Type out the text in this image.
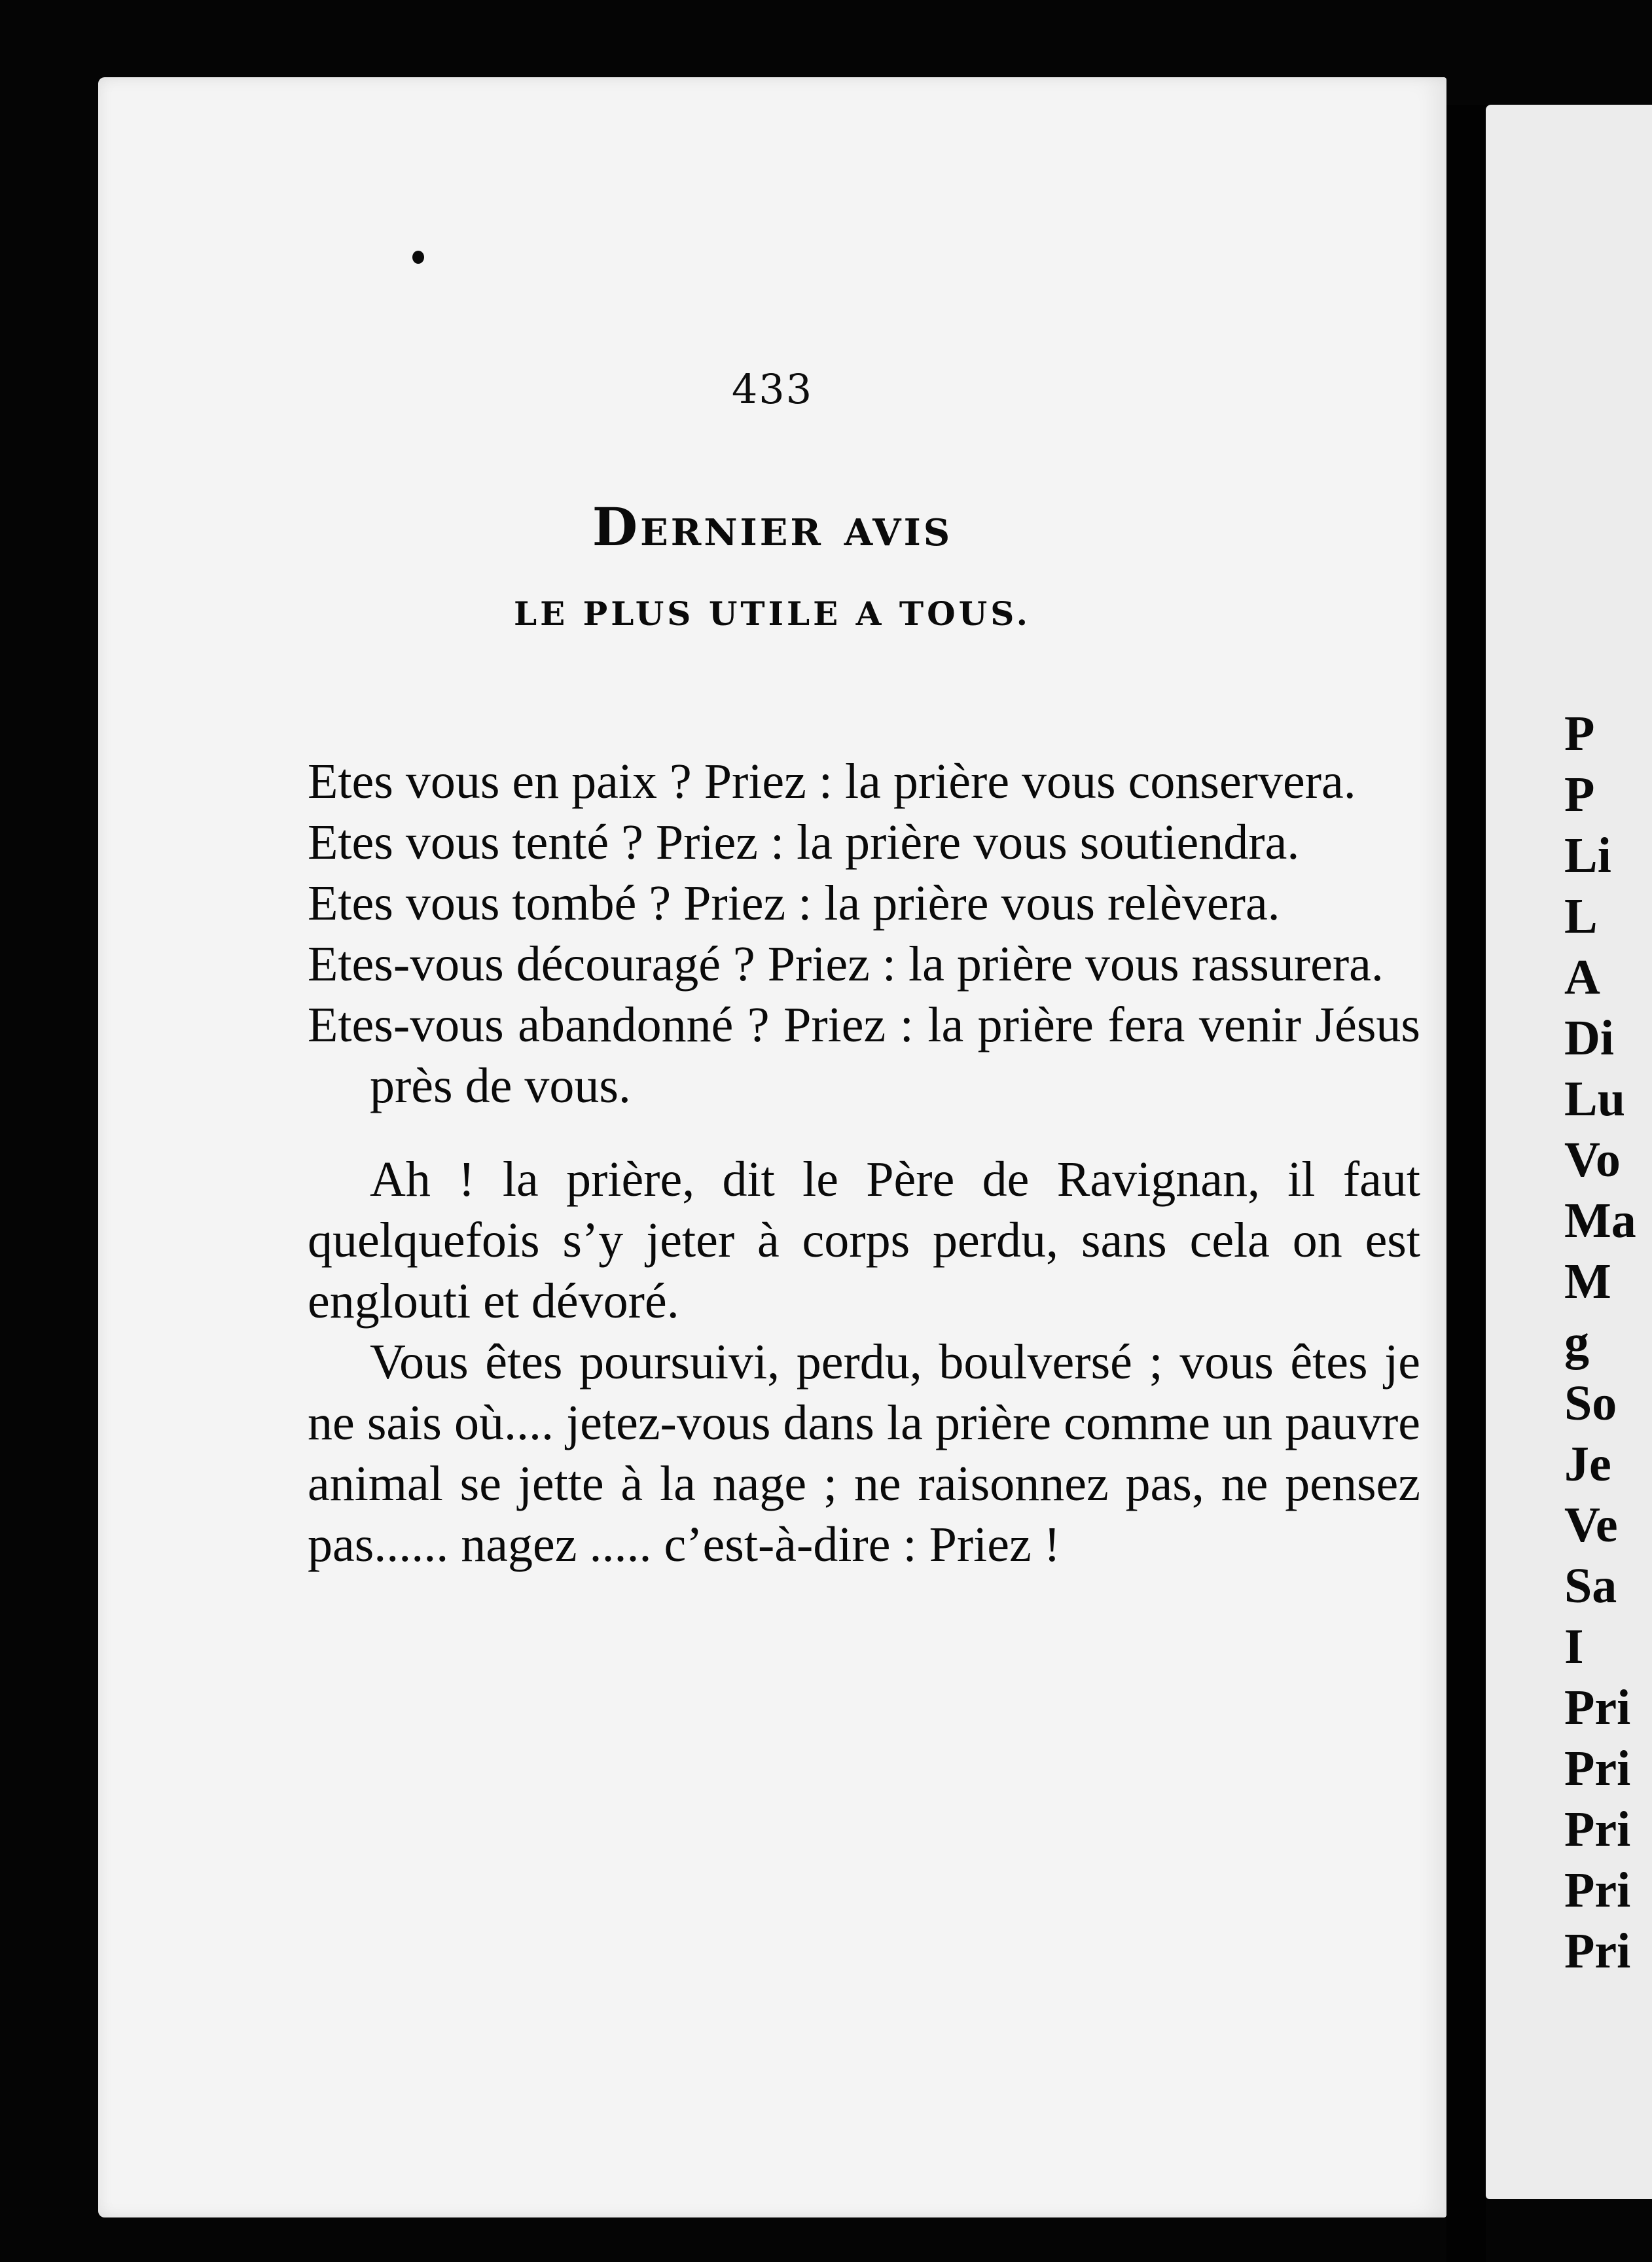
433
Dernier avis
LE PLUS UTILE A TOUS.

Etes vous en paix ? Priez : la prière vous conservera.

Etes vous tenté ? Priez : la prière vous soutiendra.

Etes vous tombé ? Priez : la prière vous relèvera.

Etes-vous découragé ? Priez : la prière vous rassurera.

Etes-vous abandonné ? Priez : la prière fera venir Jésus près de vous.

Ah ! la prière, dit le Père de Ravignan, il faut quelquefois s’y jeter à corps perdu, sans cela on est englouti et dévoré.

Vous êtes poursuivi, perdu, boulversé ; vous êtes je ne sais où.... jetez-vous dans la prière comme un pauvre animal se jette à la nage ; ne raisonnez pas, ne pensez pas...... nagez ..... c’est-à-dire : Priez !

P
P
Li
L
A
Di
Lu
Vo
Ma
M
g
So
Je
Ve
Sa
I
Pri
Pri
Pri
Pri
Pri
